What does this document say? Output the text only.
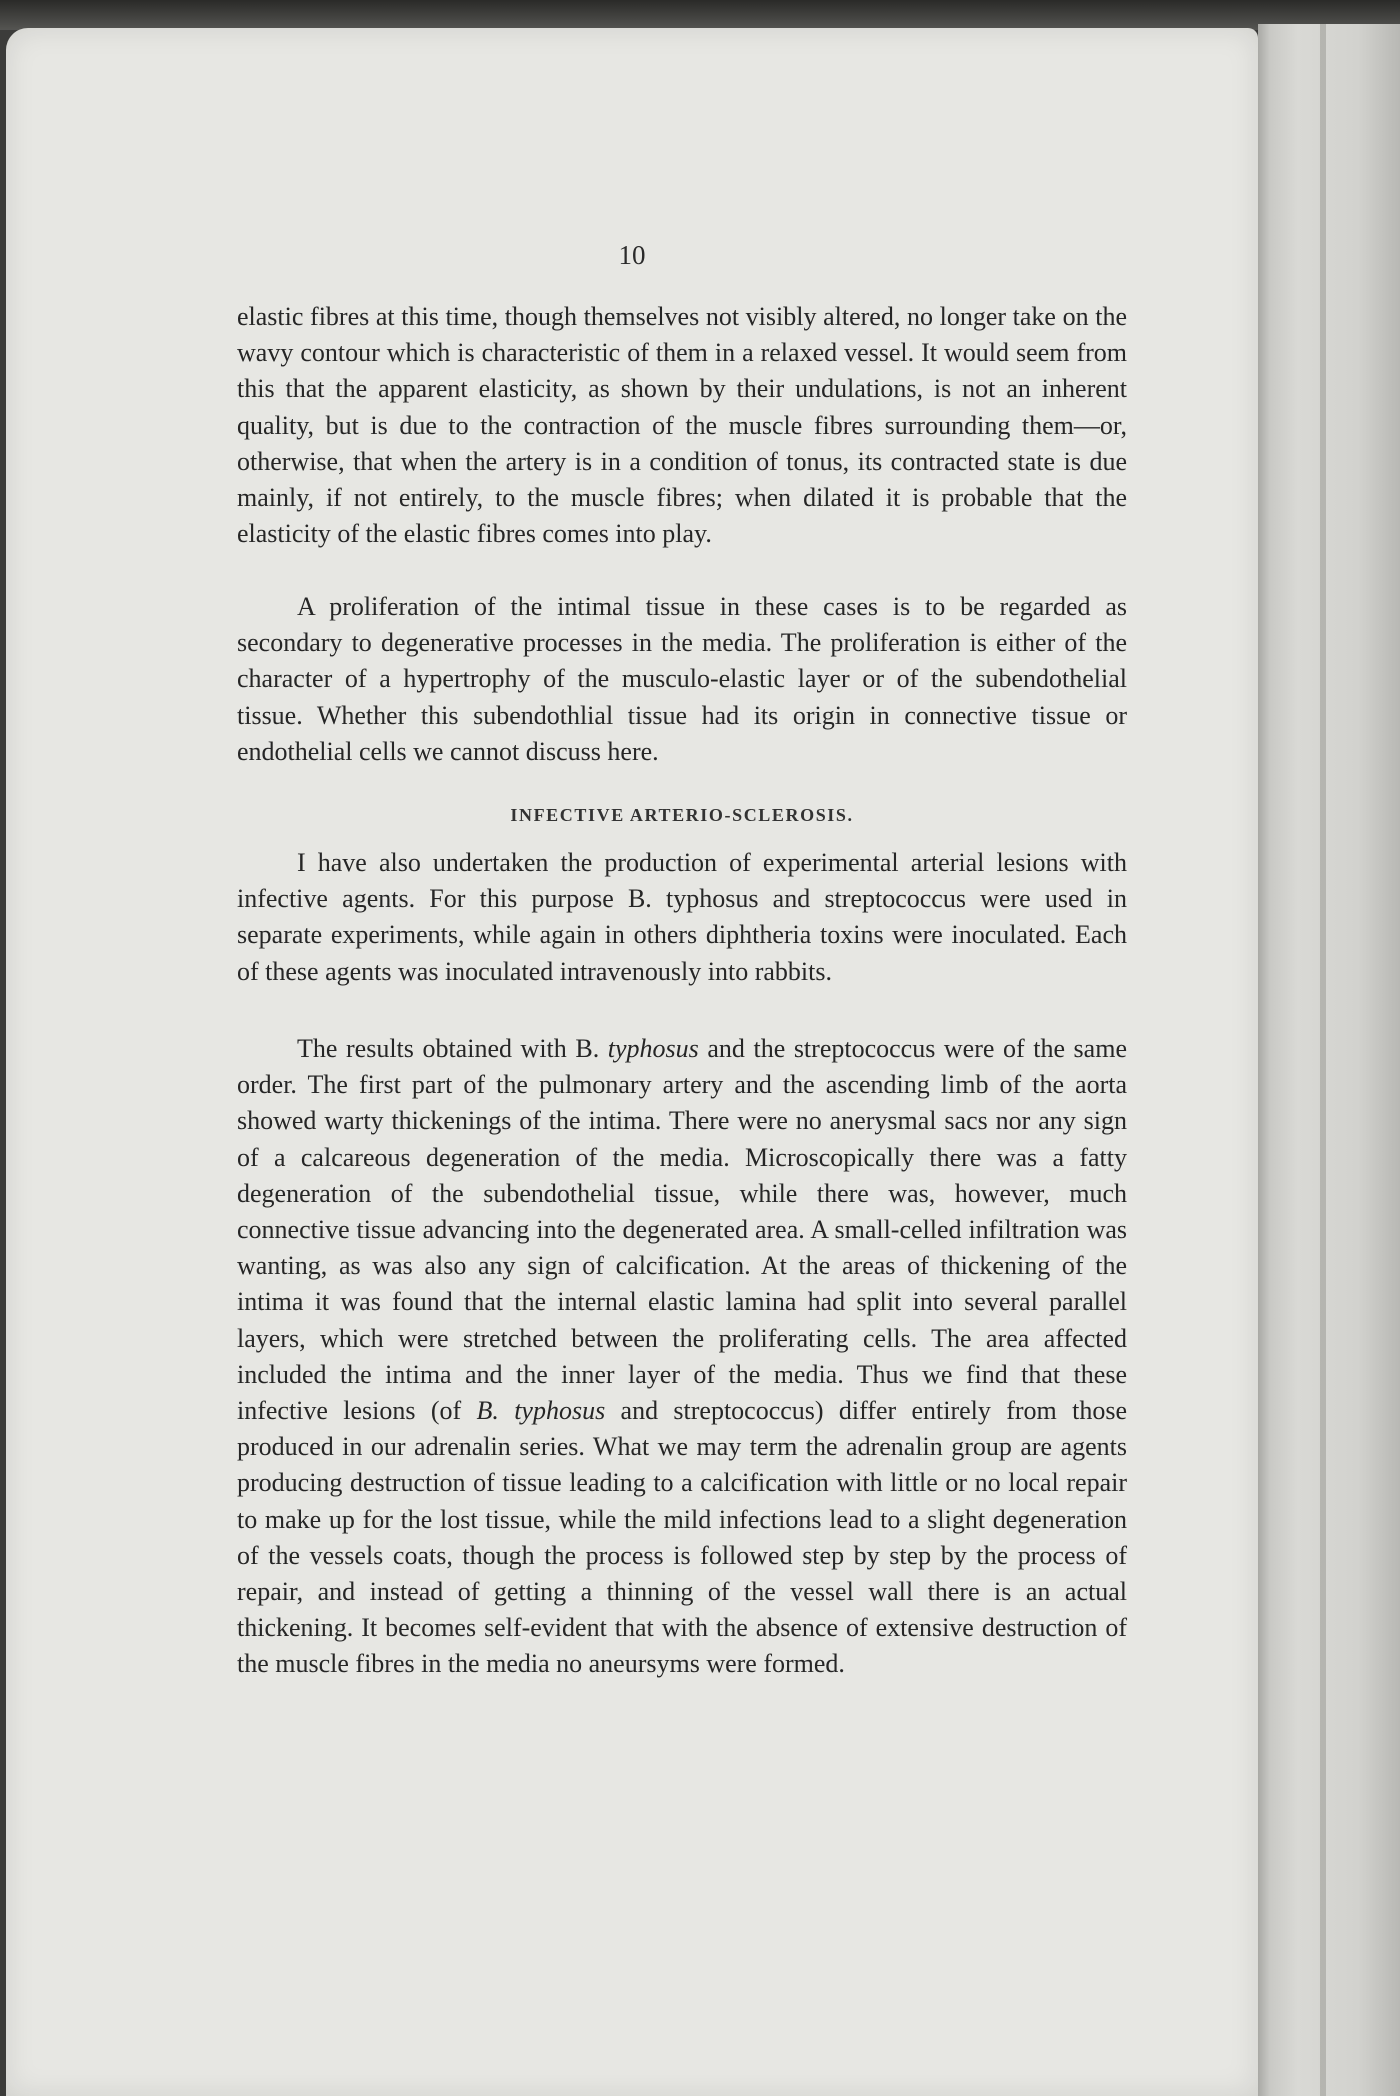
10

elastic fibres at this time, though themselves not visibly altered, no longer take on the wavy contour which is characteristic of them in a relaxed vessel. It would seem from this that the apparent elasticity, as shown by their undulations, is not an inherent quality, but is due to the contraction of the muscle fibres surrounding them—or, otherwise, that when the artery is in a condition of tonus, its contracted state is due mainly, if not entirely, to the muscle fibres; when dilated it is probable that the elasticity of the elastic fibres comes into play.

A proliferation of the intimal tissue in these cases is to be regarded as secondary to degenerative processes in the media. The proliferation is either of the character of a hypertrophy of the musculo-elastic layer or of the subendothelial tissue. Whether this subendothlial tissue had its origin in connective tissue or endothelial cells we cannot discuss here.

INFECTIVE ARTERIO-SCLEROSIS.

I have also undertaken the production of experimental arterial lesions with infective agents. For this purpose B. typhosus and streptococcus were used in separate experiments, while again in others diphtheria toxins were inoculated. Each of these agents was inoculated intravenously into rabbits.

The results obtained with B. typhosus and the streptococcus were of the same order. The first part of the pulmonary artery and the ascending limb of the aorta showed warty thickenings of the intima. There were no anerysmal sacs nor any sign of a calcareous degeneration of the media. Microscopically there was a fatty degeneration of the subendothelial tissue, while there was, however, much connective tissue advancing into the degenerated area. A small-celled infiltration was wanting, as was also any sign of calcification. At the areas of thickening of the intima it was found that the internal elastic lamina had split into several parallel layers, which were stretched between the proliferating cells. The area affected included the intima and the inner layer of the media. Thus we find that these infective lesions (of B. typhosus and streptococcus) differ entirely from those produced in our adrenalin series. What we may term the adrenalin group are agents producing destruction of tissue leading to a calcification with little or no local repair to make up for the lost tissue, while the mild infections lead to a slight degeneration of the vessels coats, though the process is followed step by step by the process of repair, and instead of getting a thinning of the vessel wall there is an actual thickening. It becomes self-evident that with the absence of extensive destruction of the muscle fibres in the media no aneursyms were formed.
